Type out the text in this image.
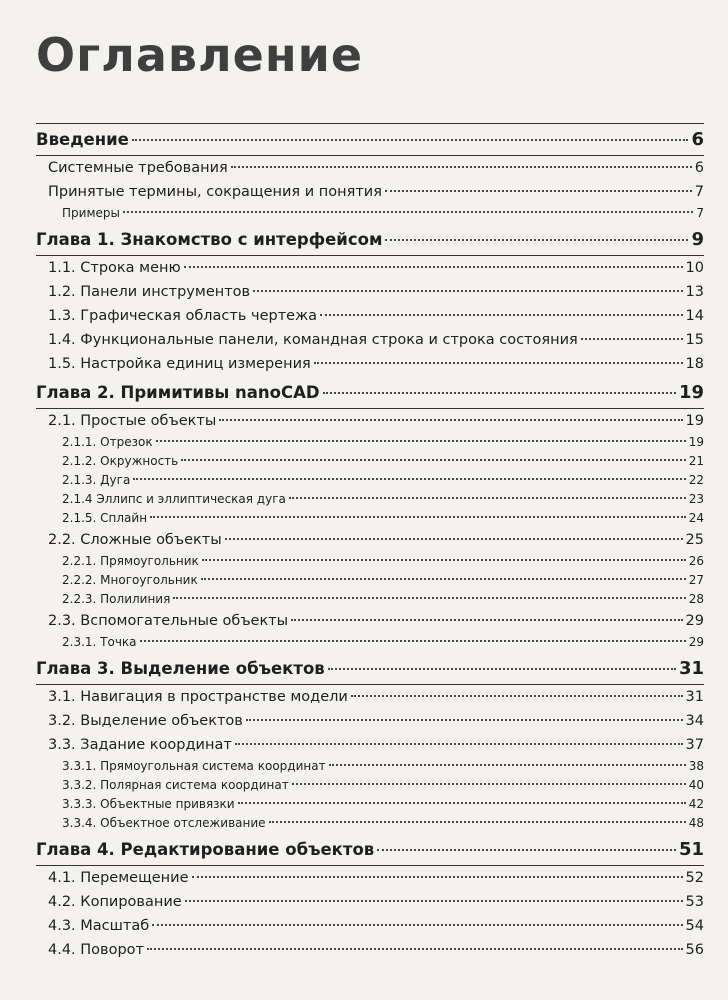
Оглавление
Введение	6
Системные требования	6
Принятые термины, сокращения и понятия	7
Примеры	7
Глава 1. Знакомство с интерфейсом	9
1.1. Строка меню	10
1.2. Панели инструментов	13
1.3. Графическая область чертежа	14
1.4. Функциональные панели, командная строка и строка состояния	15
1.5. Настройка единиц измерения	18
Глава 2. Примитивы nanoCAD	19
2.1. Простые объекты	19
2.1.1. Отрезок	19
2.1.2. Окружность	21
2.1.3. Дуга	22
2.1.4 Эллипс и эллиптическая дуга	23
2.1.5. Сплайн	24
2.2. Сложные объекты	25
2.2.1. Прямоугольник	26
2.2.2. Многоугольник	27
2.2.3. Полилиния	28
2.3. Вспомогательные объекты	29
2.3.1. Точка	29
Глава 3. Выделение объектов	31
3.1. Навигация в пространстве модели	31
3.2. Выделение объектов	34
3.3. Задание координат	37
3.3.1. Прямоугольная система координат	38
3.3.2. Полярная система координат	40
3.3.3. Объектные привязки	42
3.3.4. Объектное отслеживание	48
Глава 4. Редактирование объектов	51
4.1. Перемещение	52
4.2. Копирование	53
4.3. Масштаб	54
4.4. Поворот	56
